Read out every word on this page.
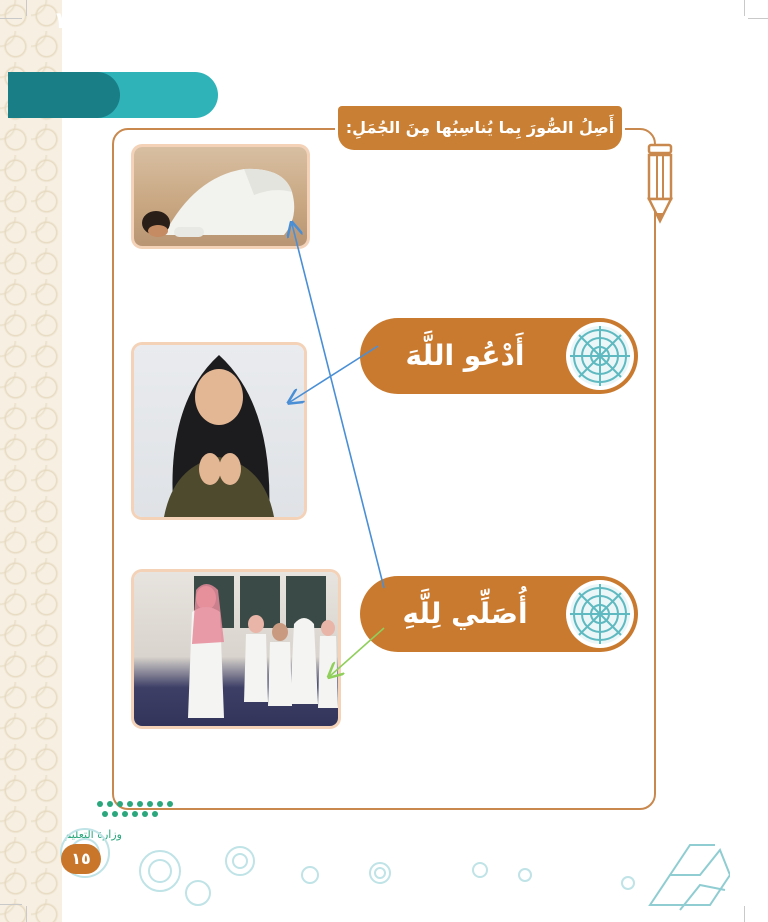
نشاط
١
أَصِلُ الصُّورَ بِما يُناسِبُها مِنَ الجُمَلِ:
أَدْعُو اللَّهَ
أُصَلِّي لِلَّهِ
وزارة التعليم
١٥
